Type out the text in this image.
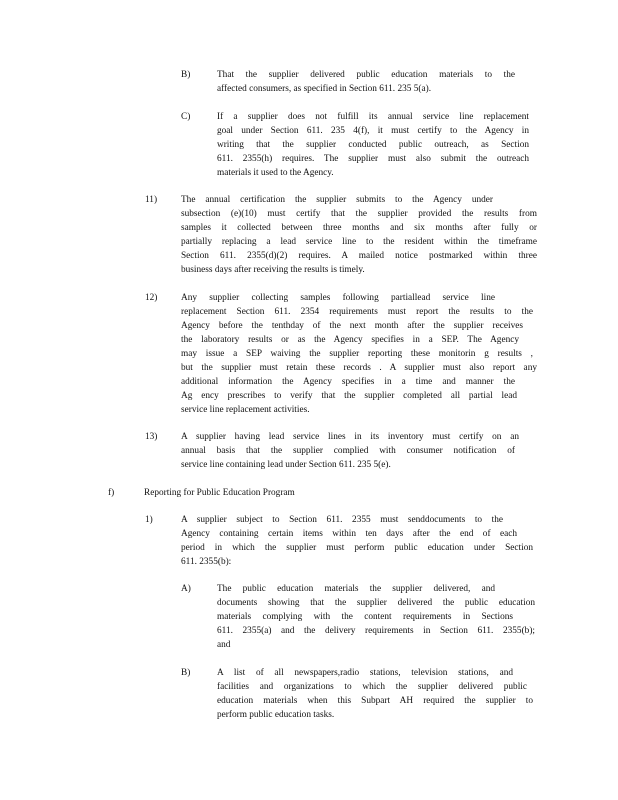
B)	That the supplier delivered public education materials to the
affected consumers, as specified in Section 611. 235 5(a).
C)	If a supplier does not fulfill its annual service line replacement
goal under Section 611. 235 4(f), it must certify to the Agency in
writing that the supplier conducted public outreach, as Section
611. 2355(h) requires. The supplier must also submit the outreach
materials it used to the Agency.
11)	The annual certification the supplier submits to the Agency under
subsection (e)(10) must certify that the supplier provided the results from
samples it collected between three months and six months after fully or
partially replacing a lead service line to the resident within the timeframe
Section 611. 2355(d)(2) requires. A mailed notice postmarked within three
business days after receiving the results is timely.
12)	Any supplier collecting samples following partiallead service line
replacement Section 611. 2354 requirements must report the results to the
Agency before the tenthday of the next month after the supplier receives
the laboratory results or as the Agency specifies in a SEP. The Agency
may issue a SEP waiving the supplier reporting these monitorin g results ,
but the supplier must retain these records . A supplier must also report any
additional information the Agency specifies in a time and manner the
Ag ency prescribes to verify that the supplier completed all partial lead
service line replacement activities.
13)	A supplier having lead service lines in its inventory must certify on an
annual basis that the supplier complied with consumer notification of
service line containing lead under Section 611. 235 5(e).
f)	Reporting for Public Education Program
1)	A supplier subject to Section 611. 2355 must senddocuments to the
Agency containing certain items within ten days after the end of each
period in which the supplier must perform public education under Section
611. 2355(b):
A)	The public education materials the supplier delivered, and
documents showing that the supplier delivered the public education
materials complying with the content requirements in Sections
611. 2355(a) and the delivery requirements in Section 611. 2355(b);
and
B)	A list of all newspapers,radio stations, television stations, and
facilities and organizations to which the supplier delivered public
education materials when this Subpart AH required the supplier to
perform public education tasks.
